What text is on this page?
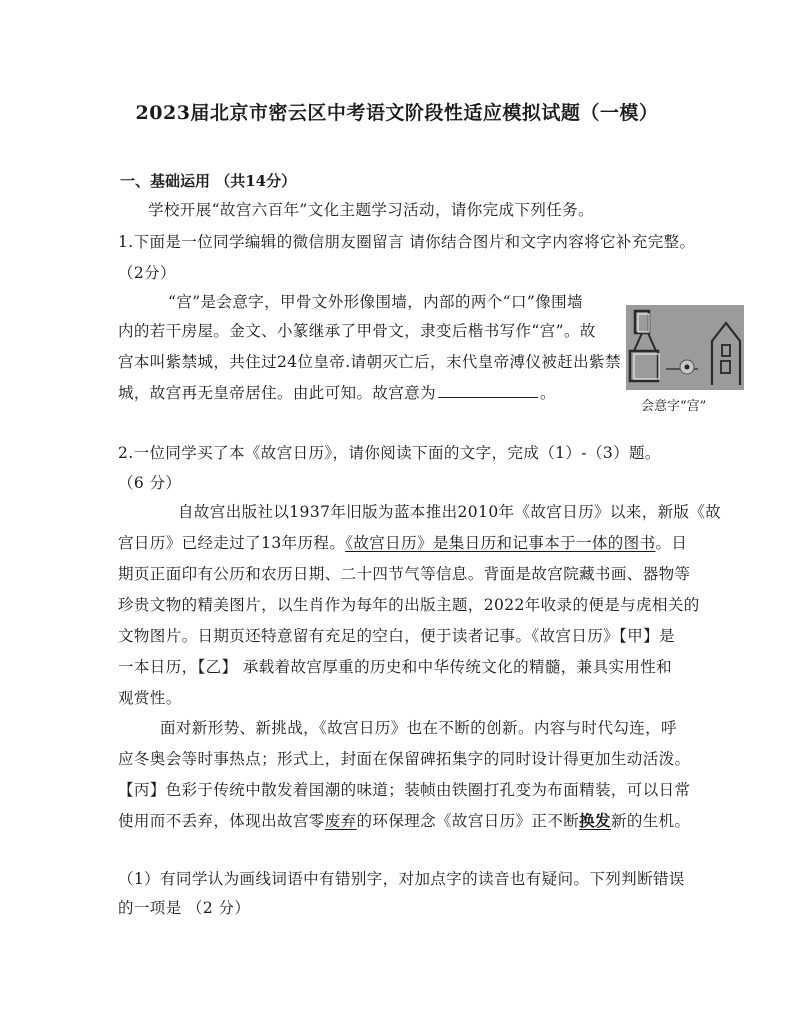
2023届北京市密云区中考语文阶段性适应模拟试题（一模）
一、基础运用 （共14分）
学校开展“故宫六百年”文化主题学习活动，请你完成下列任务。
1.下面是一位同学编辑的微信朋友圈留言 请你结合图片和文字内容将它补充完整。
（2分）
“宫”是会意字，甲骨文外形像围墙，内部的两个“口”像围墙
内的若干房屋。金文、小篆继承了甲骨文，隶变后楷书写作“宫”。故
宫本叫紫禁城，共住过24位皇帝.请朝灭亡后，末代皇帝溥仪被赶出紫禁
城，故宫再无皇帝居住。由此可知。故宫意为	。
会意字“宫”
2.一位同学买了本《故宫日历》，请你阅读下面的文字，完成（1）-（3）题。
（6 分）
自故宫出版社以1937年旧版为蓝本推出2010年《故宫日历》以来，新版《故
宫日历》已经走过了13年历程。《故宫日历》是集日历和记事本于一体的图书。日
期页正面印有公历和农历日期、二十四节气等信息。背面是故宫院藏书画、器物等
珍贵文物的精美图片，以生肖作为每年的出版主题，2022年收录的便是与虎相关的
文物图片。日期页还特意留有充足的空白，便于读者记事。《故宫日历》【甲】是
一本日历，【乙】 承载着故宫厚重的历史和中华传统文化的精髓，兼具实用性和
观赏性。
面对新形势、新挑战，《故宫日历》也在不断的创新。内容与时代勾连，呼
应冬奥会等时事热点；形式上，封面在保留碑拓集字的同时设计得更加生动活泼。
【丙】色彩于传统中散发着国潮的味道；装帧由铁圈打孔变为布面精装，可以日常
使用而不丢弃，体现出故宫零废弃的环保理念《故宫日历》正不断换发新的生机。
（1）有同学认为画线词语中有错别字，对加点字的读音也有疑问。下列判断错误
的一项是 （2 分）
